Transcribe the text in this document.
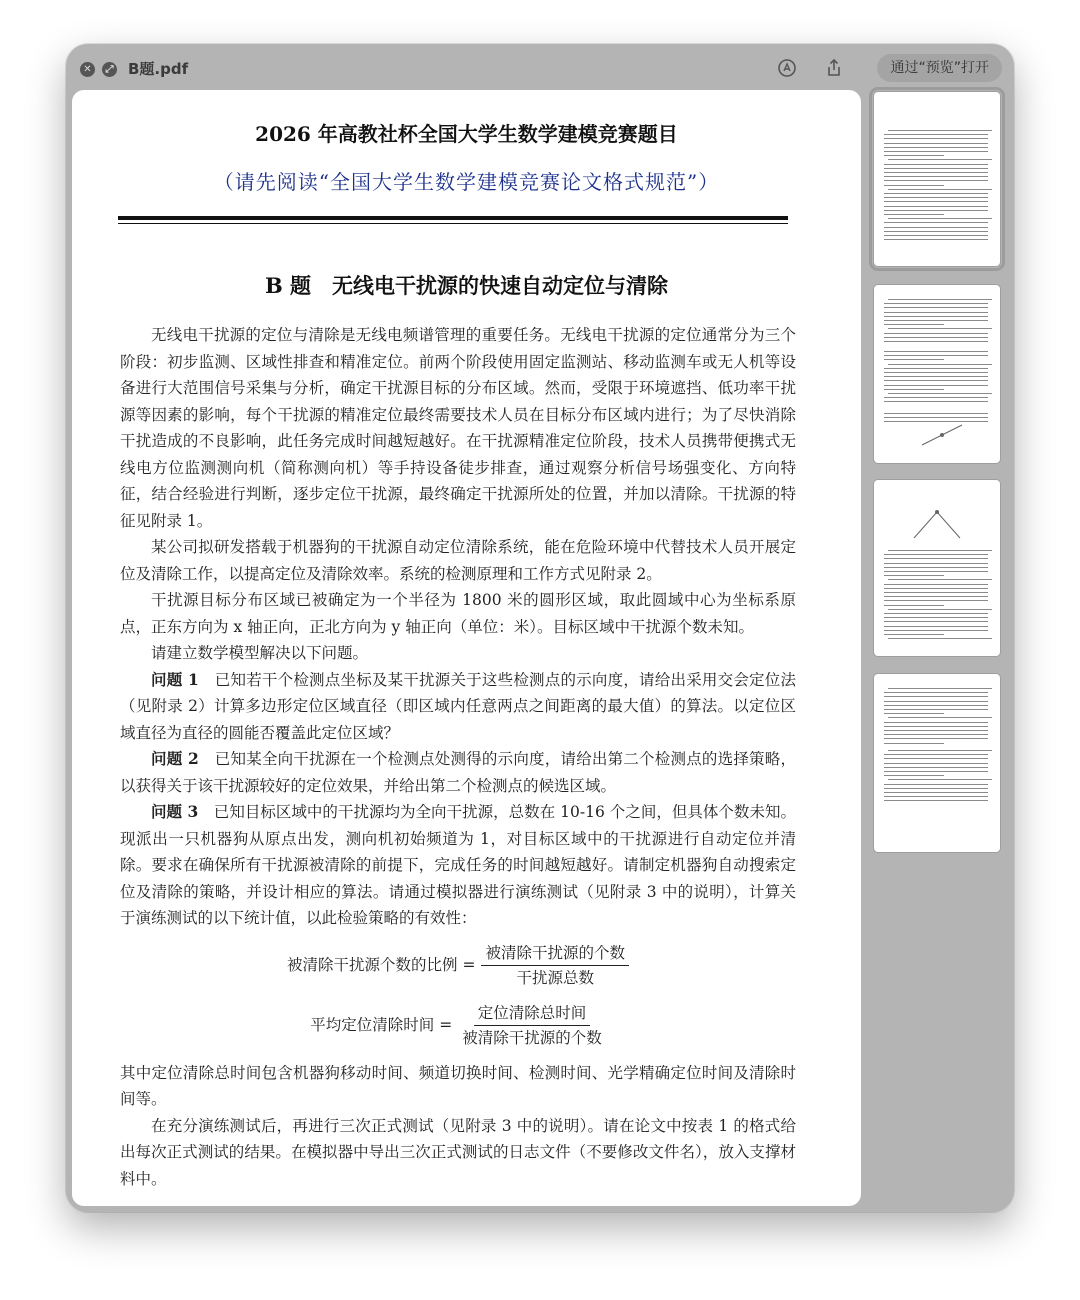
✕	⤢ B题.pdf	通过“预览”打开
2026 年高教社杯全国大学生数学建模竞赛题目
（请先阅读“全国大学生数学建模竞赛论文格式规范”）
B 题　无线电干扰源的快速自动定位与清除

无线电干扰源的定位与清除是无线电频谱管理的重要任务。无线电干扰源的定位通常分为三个阶段：初步监测、区域性排查和精准定位。前两个阶段使用固定监测站、移动监测车或无人机等设备进行大范围信号采集与分析，确定干扰源目标的分布区域。然而，受限于环境遮挡、低功率干扰源等因素的影响，每个干扰源的精准定位最终需要技术人员在目标分布区域内进行；为了尽快消除干扰造成的不良影响，此任务完成时间越短越好。在干扰源精准定位阶段，技术人员携带便携式无线电方位监测测向机（简称测向机）等手持设备徒步排查，通过观察分析信号场强变化、方向特征，结合经验进行判断，逐步定位干扰源，最终确定干扰源所处的位置，并加以清除。干扰源的特征见附录 1。

某公司拟研发搭载于机器狗的干扰源自动定位清除系统，能在危险环境中代替技术人员开展定位及清除工作，以提高定位及清除效率。系统的检测原理和工作方式见附录 2。

干扰源目标分布区域已被确定为一个半径为 1800 米的圆形区域，取此圆域中心为坐标系原点，正东方向为 x 轴正向，正北方向为 y 轴正向（单位：米）。目标区域中干扰源个数未知。

请建立数学模型解决以下问题。

问题 1　 已知若干个检测点坐标及某干扰源关于这些检测点的示向度，请给出采用交会定位法（见附录 2）计算多边形定位区域直径（即区域内任意两点之间距离的最大值）的算法。以定位区域直径为直径的圆能否覆盖此定位区域？

问题 2　 已知某全向干扰源在一个检测点处测得的示向度，请给出第二个检测点的选择策略，以获得关于该干扰源较好的定位效果，并给出第二个检测点的候选区域。

问题 3　 已知目标区域中的干扰源均为全向干扰源，总数在 10-16 个之间，但具体个数未知。现派出一只机器狗从原点出发，测向机初始频道为 1，对目标区域中的干扰源进行自动定位并清除。要求在确保所有干扰源被清除的前提下，完成任务的时间越短越好。请制定机器狗自动搜索定位及清除的策略，并设计相应的算法。请通过模拟器进行演练测试（见附录 3 中的说明），计算关于演练测试的以下统计值，以此检验策略的有效性：

被清除干扰源个数的比例 = $\frac{\text{被清除干扰源的个数}}{\text{干扰源总数}}$
平均定位清除时间 = $\frac{\text{定位清除总时间}}{\text{被清除干扰源的个数}}$

其中定位清除总时间包含机器狗移动时间、频道切换时间、检测时间、光学精确定位时间及清除时间等。

在充分演练测试后，再进行三次正式测试（见附录 3 中的说明）。请在论文中按表 1 的格式给出每次正式测试的结果。在模拟器中导出三次正式测试的日志文件（不要修改文件名），放入支撑材料中。
